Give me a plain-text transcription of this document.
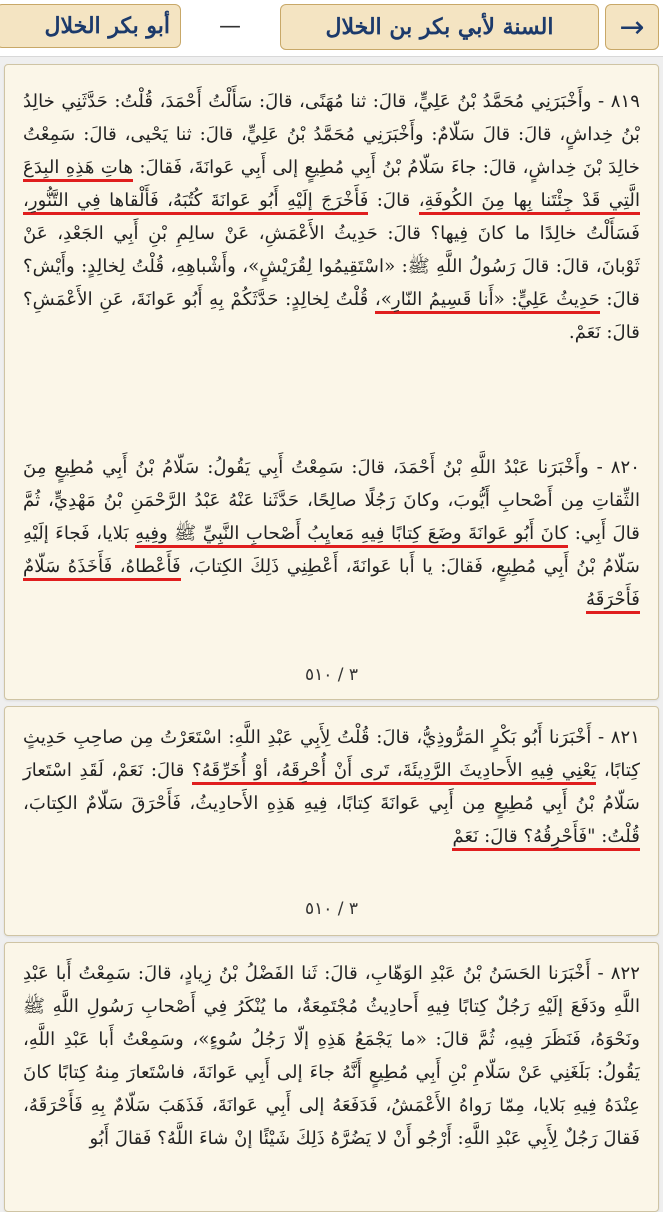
→
السنة لأبي بكر بن الخلال
—
أبو بكر الخلال
٨١٩ - وأَخْبَرَنِي مُحَمَّدُ بْنُ عَلِيٍّ، قالَ: ثنا مُهَنًى، قالَ: سَأَلْتُ أَحْمَدَ، قُلْتُ: حَدَّثَنِي خالِدُ بْنُ خِداشٍ، قالَ: قالَ سَلّامٌ: وأَخْبَرَنِي مُحَمَّدُ بْنُ عَلِيٍّ، قالَ: ثنا يَحْيى، قالَ: سَمِعْتُ خالِدَ بْنَ خِداشٍ، قالَ: جاءَ سَلّامُ بْنُ أَبِي مُطِيعٍ إلى أَبِي عَوانَةَ، فَقالَ: هاتِ هَذِهِ البِدَعَ الَّتِي قَدْ جِئْتَنا بِها مِنَ الكُوفَةِ، قالَ: فَأَخْرَجَ إلَيْهِ أَبُو عَوانَةَ كُتُبَهُ، فَأَلْقاها فِي التَّنُّورِ، فَسَأَلْتُ خالِدًا ما كانَ فِيها؟ قالَ: حَدِيثُ الأَعْمَشِ، عَنْ سالِمِ بْنِ أَبِي الجَعْدِ، عَنْ ثَوْبانَ، قالَ: قالَ رَسُولُ اللَّهِ ﷺ: «اسْتَقِيمُوا لِقُرَيْشٍ»، وأَشْباهِهِ، قُلْتُ لِخالِدٍ: وأَيْش؟ قالَ: حَدِيثُ عَلِيٍّ: «أَنا قَسِيمُ النّارِ»، قُلْتُ لِخالِدٍ: حَدَّثَكُمْ بِهِ أَبُو عَوانَةَ، عَنِ الأَعْمَشِ؟ قالَ: نَعَمْ.
٨٢٠ - وأَخْبَرَنا عَبْدُ اللَّهِ بْنُ أَحْمَدَ، قالَ: سَمِعْتُ أَبِي يَقُولُ: سَلّامُ بْنُ أَبِي مُطِيعٍ مِنَ الثِّقاتِ مِن أَصْحابِ أَيُّوبَ، وكانَ رَجُلًا صالِحًا، حَدَّثَنا عَنْهُ عَبْدُ الرَّحْمَنِ بْنُ مَهْدِيٍّ، ثُمَّ قالَ أَبِي: كانَ أَبُو عَوانَةَ وضَعَ كِتابًا فِيهِ مَعايِبُ أَصْحابِ النَّبِيِّ ﷺ وفِيهِ بَلايا، فَجاءَ إلَيْهِ سَلّامُ بْنُ أَبِي مُطِيعٍ، فَقالَ: يا أَبا عَوانَةَ، أَعْطِنِي ذَلِكَ الكِتابَ، فَأَعْطاهُ، فَأَخَذَهُ سَلّامٌ فَأَحْرَقَهُ
٣ / ٥١٠
٨٢١ - أَخْبَرَنا أَبُو بَكْرٍ المَرُّوذِيُّ، قالَ: قُلْتُ لِأَبِي عَبْدِ اللَّهِ: اسْتَعَرْتُ مِن صاحِبِ حَدِيثٍ كِتابًا، يَعْنِي فِيهِ الأَحادِيثَ الرَّدِيئَةَ، تَرى أَنْ أُحْرِقَهُ، أوْ أُخَرِّقَهُ؟ قالَ: نَعَمْ، لَقَدِ اسْتَعارَ سَلّامُ بْنُ أَبِي مُطِيعٍ مِن أَبِي عَوانَةَ كِتابًا، فِيهِ هَذِهِ الأَحادِيثُ، فَأَحْرَقَ سَلّامٌ الكِتابَ، قُلْتُ: "فَأَحْرِقُهُ؟ قالَ: نَعَمْ
٣ / ٥١٠
٨٢٢ - أَخْبَرَنا الحَسَنُ بْنُ عَبْدِ الوَهّابِ، قالَ: ثَنا الفَضْلُ بْنُ زِيادٍ، قالَ: سَمِعْتُ أَبا عَبْدِ اللَّهِ ودَفَعَ إلَيْهِ رَجُلٌ كِتابًا فِيهِ أَحادِيثُ مُجْتَمِعَةٌ، ما يُنْكَرُ فِي أَصْحابِ رَسُولِ اللَّهِ ﷺ ونَحْوَهُ، فَنَظَرَ فِيهِ، ثُمَّ قالَ: «ما يَجْمَعُ هَذِهِ إلّا رَجُلُ سُوءٍ»، وسَمِعْتُ أَبا عَبْدِ اللَّهِ، يَقُولُ: بَلَغَنِي عَنْ سَلّامِ بْنِ أَبِي مُطِيعٍ أَنَّهُ جاءَ إلى أَبِي عَوانَةَ، فاسْتَعارَ مِنهُ كِتابًا كانَ عِنْدَهُ فِيهِ بَلايا، مِمّا رَواهُ الأَعْمَشُ، فَدَفَعَهُ إلى أَبِي عَوانَةَ، فَذَهَبَ سَلّامٌ بِهِ فَأَحْرَقَهُ، فَقالَ رَجُلٌ لِأَبِي عَبْدِ اللَّهِ: أَرْجُو أَنْ لا يَضُرَّهُ ذَلِكَ شَيْئًا إنْ شاءَ اللَّهُ؟ فَقالَ أَبُو
